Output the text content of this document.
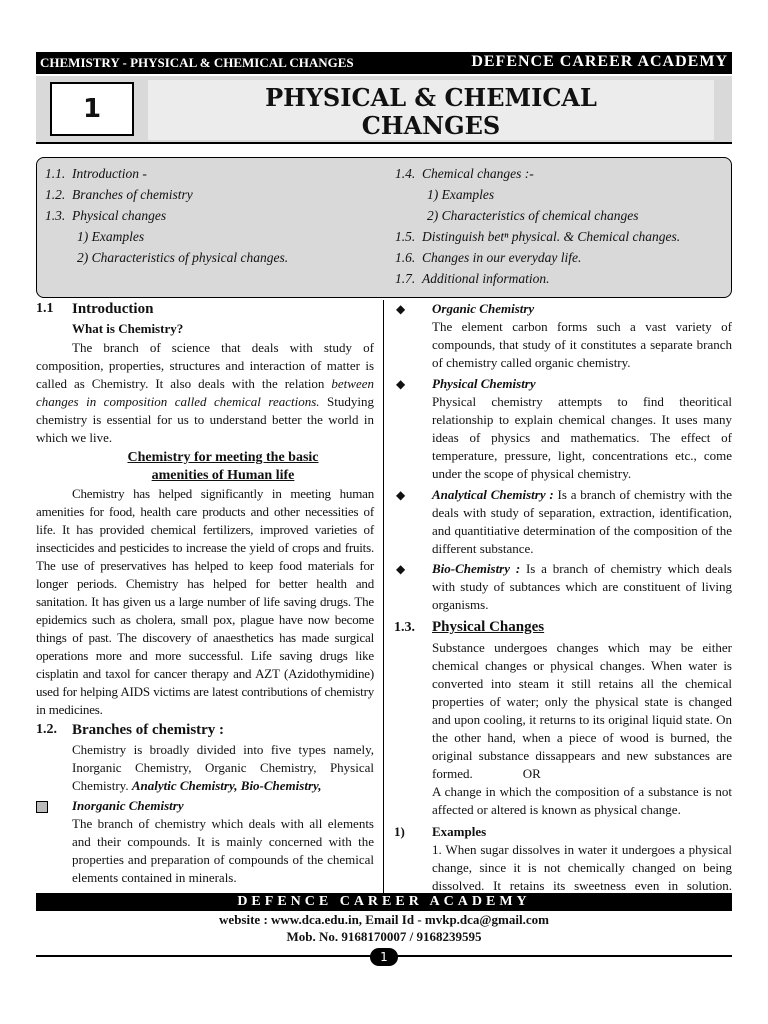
CHEMISTRY - PHYSICAL & CHEMICAL CHANGES	DEFENCE CAREER ACADEMY
1	PHYSICAL & CHEMICAL
CHANGES
1.1. Introduction -
1.2. Branches of chemistry
1.3. Physical changes
1) Examples
2) Characteristics of physical changes.
1.4. Chemical changes :-
1) Examples
2) Characteristics of chemical changes
1.5. Distinguish betⁿ physical. & Chemical changes.
1.6. Changes in our everyday life.
1.7. Additional information.
1.1 Introduction

What is Chemistry?

The branch of science that deals with study of composition, properties, structures and interaction of matter is called as Chemistry. It also deals with the relation between changes in composition called chemical reactions. Studying chemistry is essential for us to understand better the world in which we live.

Chemistry for meeting the basic

amenities of Human life

Chemistry has helped significantly in meeting human amenities for food, health care products and other necessities of life. It has provided chemical fertilizers, improved varieties of insecticides and pesticides to increase the yield of crops and fruits. The use of preservatives has helped to keep food materials for longer periods. Chemistry has helped for better health and sanitation. It has given us a large number of life saving drugs. The epidemics such as cholera, small pox, plague have now become things of past. The discovery of anaesthetics has made surgical operations more and more successful. Life saving drugs like cisplatin and taxol for cancer therapy and AZT (Azidothymidine) used for helping AIDS victims are latest contributions of chemistry in medicines.

1.2. Branches of chemistry :

Chemistry is broadly divided into five types namely, Inorganic Chemistry, Organic Chemistry, Physical Chemistry. Analytic Chemistry, Bio-Chemistry,

Inorganic Chemistry

The branch of chemistry which deals with all elements and their compounds. It is mainly concerned with the properties and preparation of compounds of the chemical elements contained in minerals.

◆	Organic Chemistry

The element carbon forms such a vast variety of compounds, that study of it constitutes a separate branch of chemistry called organic chemistry.

◆	Physical Chemistry

Physical chemistry attempts to find theoritical relationship to explain chemical changes. It uses many ideas of physics and mathematics. The effect of temperature, pressure, light, concentrations etc., come under the scope of physical chemistry.

◆	Analytical Chemistry : Is a branch of chemistry with the deals with study of separation, extraction, identification, and quantitiative determination of the composition of the different substance.

◆	Bio-Chemistry : Is a branch of chemistry which deals with study of subtances which are constituent of living organisms.

1.3. Physical Changes

Substance undergoes changes which may be either chemical changes or physical changes. When water is converted into steam it still retains all the chemical properties of water; only the physical state is changed and upon cooling, it returns to its original liquid state. On the other hand, when a piece of wood is burned, the original substance dissappears and new substances are formed.	OR

A change in which the composition of a substance is not affected or altered is known as physical change.

1) Examples

1. When sugar dissolves in water it undergoes a physical change, since it is not chemically changed on being dissolved. It retains its sweetness even in solution.

DEFENCE CAREER ACADEMY
website : www.dca.edu.in, Email Id - mvkp.dca@gmail.com
Mob. No. 9168170007 / 9168239595
1
